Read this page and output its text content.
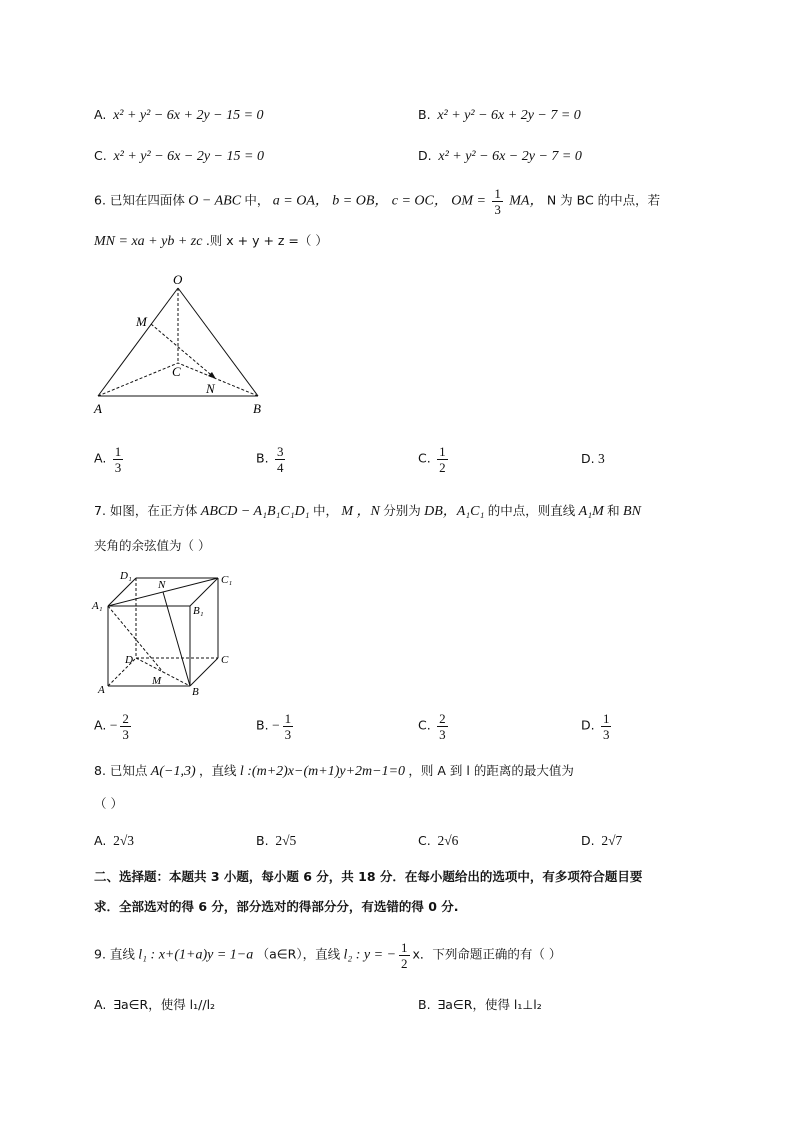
A. x² + y² − 6x + 2y − 15 = 0	B. x² + y² − 6x + 2y − 7 = 0
C. x² + y² − 6x − 2y − 15 = 0	D. x² + y² − 6x − 2y − 7 = 0
6. 已知在四面体 O − ABC 中， a = OA， b = OB， c = OC， OM = $\frac{1}{3}$ MA， N 为 BC 的中点，若
MN = xa + yb + zc .则 x + y + z =（ ）
O
M
C
N
A	B
A. $\frac{1}{3}$	B. $\frac{3}{4}$	C. $\frac{1}{2}$	D. 3
7. 如图，在正方体 ABCD − A₁B₁C₁D₁ 中， M ，N 分别为 DB，A₁C₁ 的中点，则直线 A₁M 和 BN
夹角的余弦值为（ ）
D₁
N	C₁
A₁	B₁
D	C
M
A	B
A. − $\frac{2}{3}$	B. − $\frac{1}{3}$	C. $\frac{2}{3}$	D. $\frac{1}{3}$
8. 已知点 A(−1,3) ，直线 l :(m+2)x−(m+1)y+2m−1=0 ，则 A 到 l 的距离的最大值为
（ ）
A. 2√3	B. 2√5	C. 2√6	D. 2√7
二、选择题：本题共 3 小题，每小题 6 分，共 18 分．在每小题给出的选项中，有多项符合题目要
求．全部选对的得 6 分，部分选对的得部分分，有选错的得 0 分.
9. 直线 l₁ : x+(1+a)y = 1−a （a∈R），直线 l₂ : y = − $\frac{1}{2}$ x．下列命题正确的有（ ）
A. ∃a∈R，使得 l₁//l₂	B. ∃a∈R，使得 l₁⊥l₂
